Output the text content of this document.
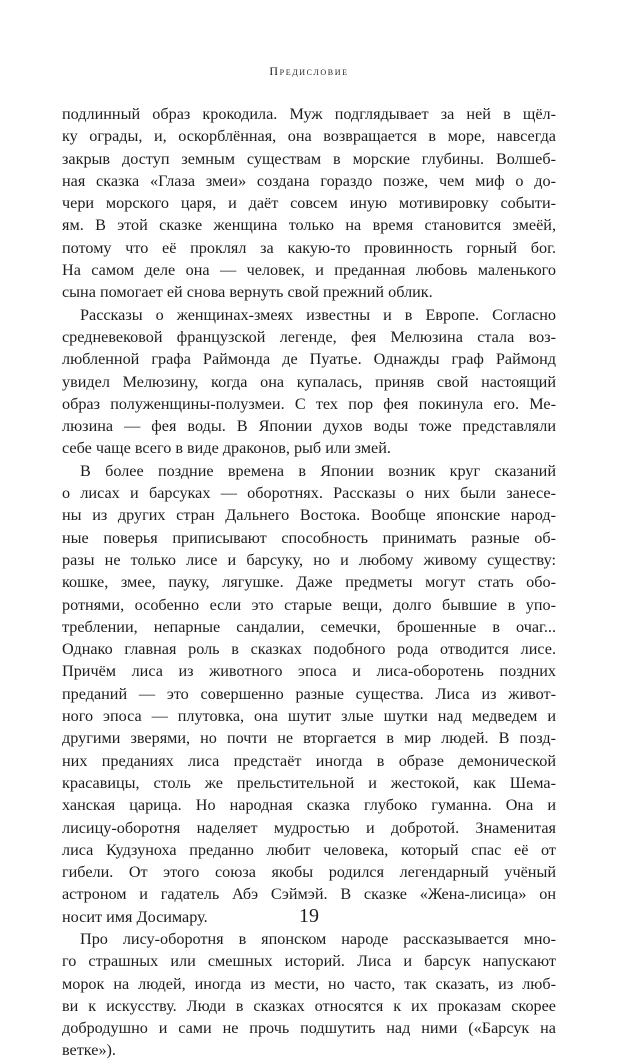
Предисловие
подлинный образ крокодила. Муж подглядывает за ней в щёл-
ку ограды, и, оскорблённая, она возвращается в море, навсегда
закрыв доступ земным существам в морские глубины. Волшеб-
ная сказка «Глаза змеи» создана гораздо позже, чем миф о до-
чери морского царя, и даёт совсем иную мотивировку событи-
ям. В этой сказке женщина только на время становится змеёй,
потому что её проклял за какую-то провинность горный бог.
На самом деле она — человек, и преданная любовь маленького
сына помогает ей снова вернуть свой прежний облик.
Рассказы о женщинах-змеях известны и в Европе. Согласно
средневековой французской легенде, фея Мелюзина стала воз-
любленной графа Раймонда де Пуатье. Однажды граф Раймонд
увидел Мелюзину, когда она купалась, приняв свой настоящий
образ полуженщины-полузмеи. С тех пор фея покинула его. Ме-
люзина — фея воды. В Японии духов воды тоже представляли
себе чаще всего в виде драконов, рыб или змей.
В более поздние времена в Японии возник круг сказаний
о лисах и барсуках — оборотнях. Рассказы о них были занесе-
ны из других стран Дальнего Востока. Вообще японские народ-
ные поверья приписывают способность принимать разные об-
разы не только лисе и барсуку, но и любому живому существу:
кошке, змее, пауку, лягушке. Даже предметы могут стать обо-
ротнями, особенно если это старые вещи, долго бывшие в упо-
треблении, непарные сандалии, семечки, брошенные в очаг...
Однако главная роль в сказках подобного рода отводится лисе.
Причём лиса из животного эпоса и лиса-оборотень поздних
преданий — это совершенно разные существа. Лиса из живот-
ного эпоса — плутовка, она шутит злые шутки над медведем и
другими зверями, но почти не вторгается в мир людей. В позд-
них преданиях лиса предстаёт иногда в образе демонической
красавицы, столь же прельстительной и жестокой, как Шема-
ханская царица. Но народная сказка глубоко гуманна. Она и
лисицу-оборотня наделяет мудростью и добротой. Знаменитая
лиса Кудзуноха преданно любит человека, который спас её от
гибели. От этого союза якобы родился легендарный учёный
астроном и гадатель Абэ Сэймэй. В сказке «Жена-лисица» он
носит имя Досимару.
Про лису-оборотня в японском народе рассказывается мно-
го страшных или смешных историй. Лиса и барсук напускают
морок на людей, иногда из мести, но часто, так сказать, из люб-
ви к искусству. Люди в сказках относятся к их проказам скорее
добродушно и сами не прочь подшутить над ними («Барсук на
ветке»).
19
